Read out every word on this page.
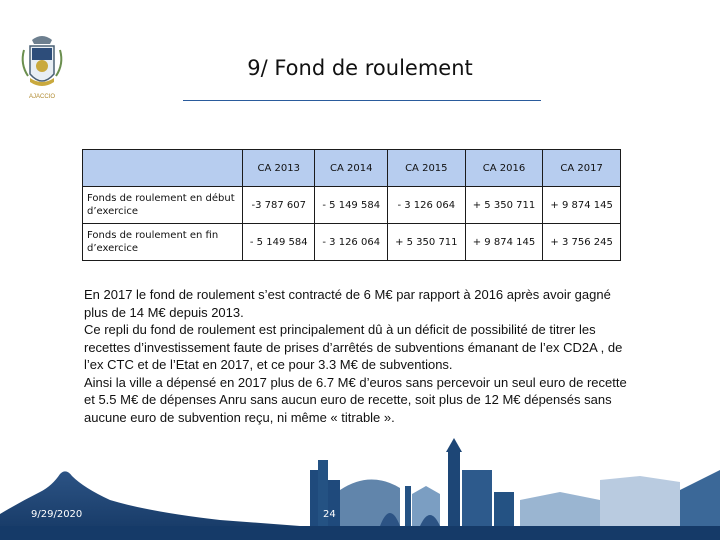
AJACCIO
9/ Fond de roulement
	CA 2013	CA 2014	CA 2015	CA 2016	CA 2017
Fonds de roulement en début d’exercice	-3 787 607	- 5 149 584	- 3 126 064	+ 5 350 711	+ 9 874 145
Fonds de roulement en fin d’exercice	- 5 149 584	- 3 126 064	+ 5 350 711	+ 9 874 145	+ 3 756 245

En 2017 le fond de roulement s’est contracté de 6 M€ par rapport à 2016 après avoir gagné plus de 14 M€ depuis 2013.

Ce repli du fond de roulement est principalement dû à un déficit de possibilité de titrer les recettes d’investissement faute de prises d’arrêtés de subventions émanant de l’ex CD2A , de l’ex CTC et de l’Etat en 2017, et ce pour 3.3 M€ de subventions.

Ainsi la ville a dépensé en 2017 plus de 6.7 M€ d’euros sans percevoir un seul euro de recette et 5.5 M€ de dépenses Anru sans aucun euro de recette, soit plus de 12 M€ dépensés sans aucune euro de subvention reçu, ni même « titrable ».

9/29/2020	24
